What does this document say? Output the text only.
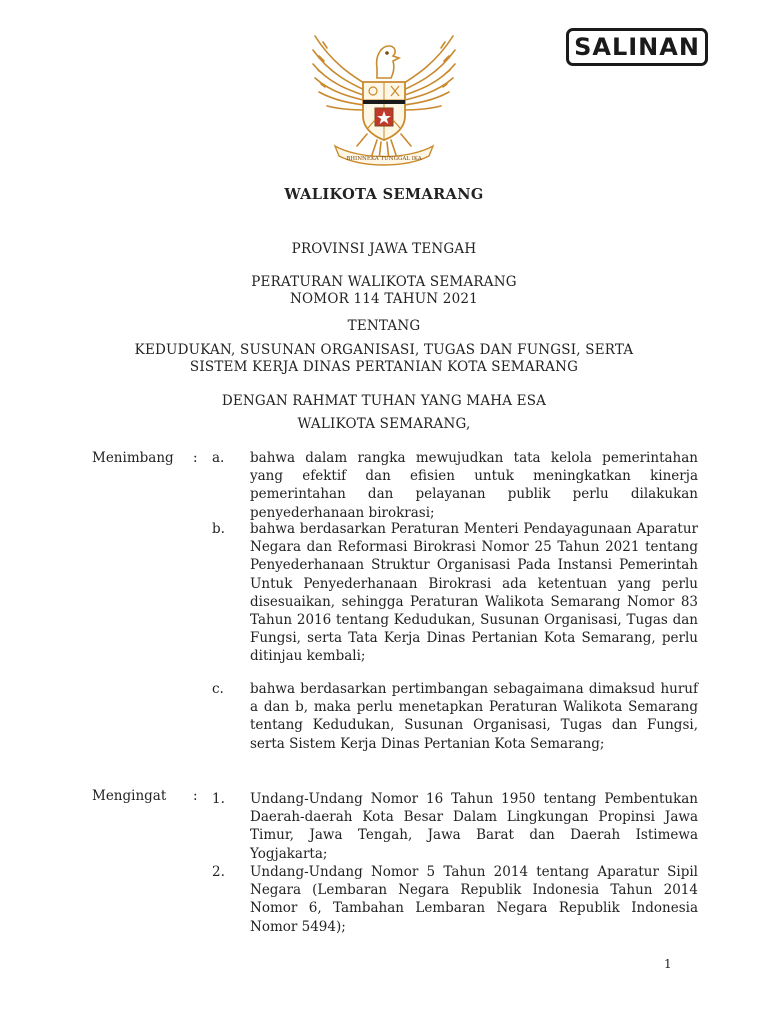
SALINAN
BHINNEKA TUNGGAL IKA
WALIKOTA SEMARANG
PROVINSI JAWA TENGAH
PERATURAN WALIKOTA SEMARANG
NOMOR 114 TAHUN 2021
TENTANG
KEDUDUKAN, SUSUNAN ORGANISASI, TUGAS DAN FUNGSI, SERTA
SISTEM KERJA DINAS PERTANIAN KOTA SEMARANG
DENGAN RAHMAT TUHAN YANG MAHA ESA
WALIKOTA SEMARANG,
Menimbang : a. bahwa dalam rangka mewujudkan tata kelola pemerintahan yang efektif dan efisien untuk meningkatkan kinerja pemerintahan dan pelayanan publik perlu dilakukan penyederhanaan birokrasi;
b. bahwa berdasarkan Peraturan Menteri Pendayagunaan Aparatur Negara dan Reformasi Birokrasi Nomor 25 Tahun 2021 tentang Penyederhanaan Struktur Organisasi Pada Instansi Pemerintah Untuk Penyederhanaan Birokrasi ada ketentuan yang perlu disesuaikan, sehingga Peraturan Walikota Semarang Nomor 83 Tahun 2016 tentang Kedudukan, Susunan Organisasi, Tugas dan Fungsi, serta Tata Kerja Dinas Pertanian Kota Semarang, perlu ditinjau kembali;
c. bahwa berdasarkan pertimbangan sebagaimana dimaksud huruf a dan b, maka perlu menetapkan Peraturan Walikota Semarang tentang Kedudukan, Susunan Organisasi, Tugas dan Fungsi, serta Sistem Kerja Dinas Pertanian Kota Semarang;
Mengingat : 1. Undang-Undang Nomor 16 Tahun 1950 tentang Pembentukan Daerah-daerah Kota Besar Dalam Lingkungan Propinsi Jawa Timur, Jawa Tengah, Jawa Barat dan Daerah Istimewa Yogjakarta;
2. Undang-Undang Nomor 5 Tahun 2014 tentang Aparatur Sipil Negara (Lembaran Negara Republik Indonesia Tahun 2014 Nomor 6, Tambahan Lembaran Negara Republik Indonesia Nomor 5494);
1
